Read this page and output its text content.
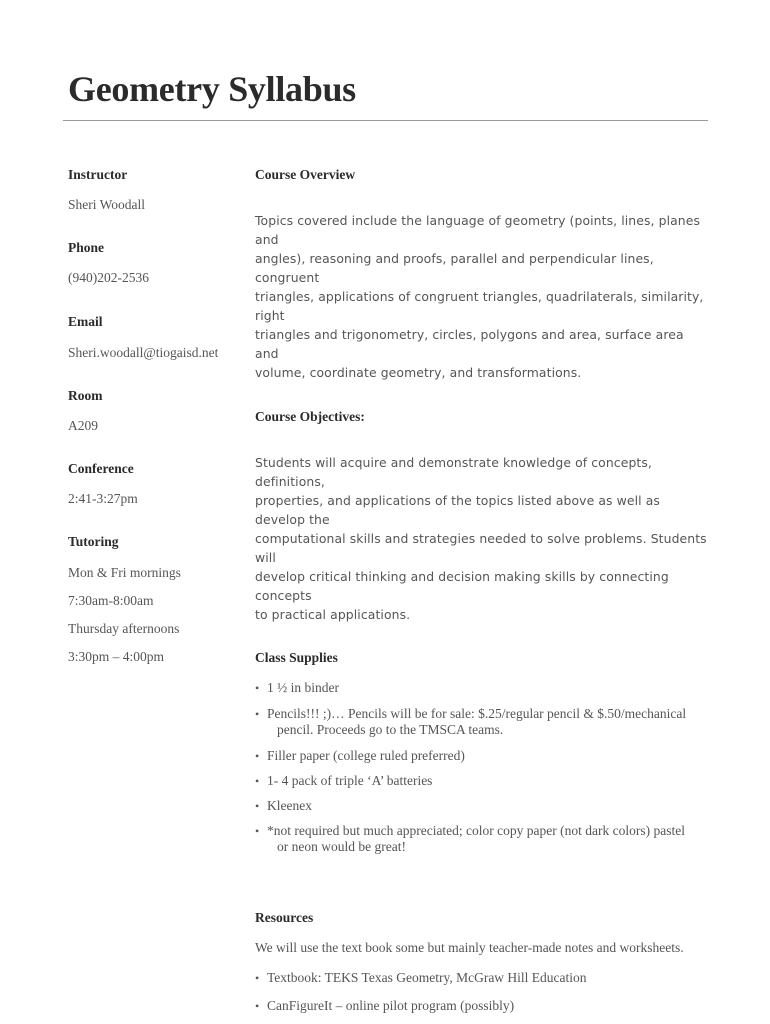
Geometry Syllabus
Instructor
Sheri Woodall
Phone
(940)202-2536
Email
Sheri.woodall@tiogaisd.net
Room
A209
Conference
2:41-3:27pm
Tutoring
Mon & Fri mornings
7:30am-8:00am
Thursday afternoons
3:30pm – 4:00pm
Course Overview
Topics covered include the language of geometry (points, lines, planes and
angles), reasoning and proofs, parallel and perpendicular lines, congruent
triangles, applications of congruent triangles, quadrilaterals, similarity, right
triangles and trigonometry, circles, polygons and area, surface area and
volume, coordinate geometry, and transformations.
Course Objectives:
Students will acquire and demonstrate knowledge of concepts, definitions,
properties, and applications of the topics listed above as well as develop the
computational skills and strategies needed to solve problems. Students will
develop critical thinking and decision making skills by connecting concepts
to practical applications.
Class Supplies
• 1 ½ in binder
• Pencils!!! ;)… Pencils will be for sale: $.25/regular pencil & $.50/mechanical
pencil. Proceeds go to the TMSCA teams.
• Filler paper (college ruled preferred)
• 1- 4 pack of triple ‘A’ batteries
• Kleenex
• *not required but much appreciated; color copy paper (not dark colors) pastel
or neon would be great!
Resources
We will use the text book some but mainly teacher-made notes and worksheets.
• Textbook: TEKS Texas Geometry, McGraw Hill Education
• CanFigureIt – online pilot program (possibly)
